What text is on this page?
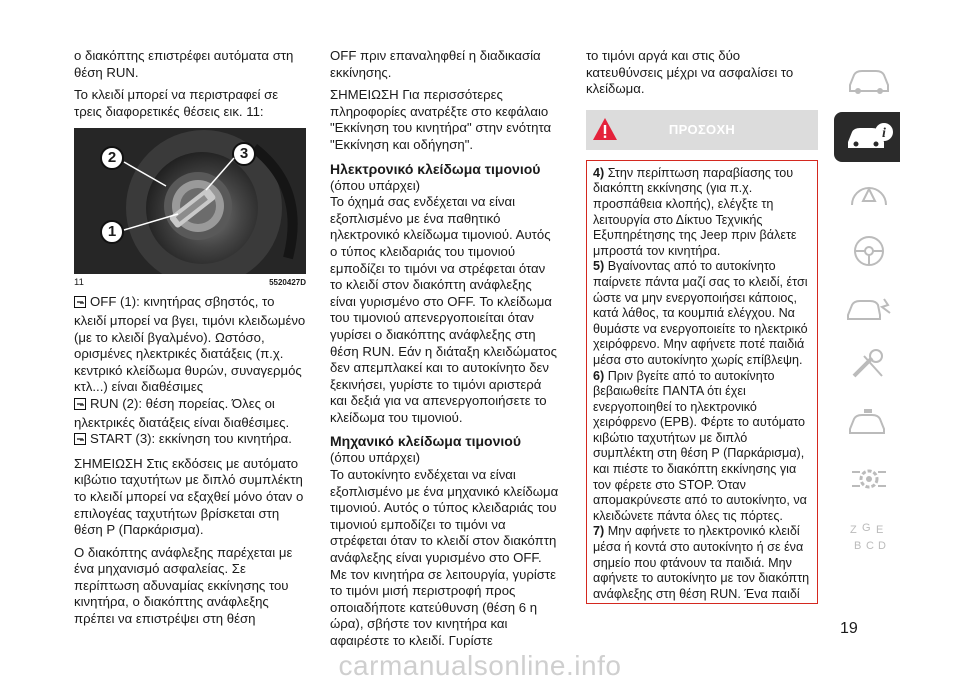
ο διακόπτης επιστρέφει αυτόματα στη θέση RUN.

Το κλειδί μπορεί να περιστραφεί σε τρεις διαφορετικές θέσεις εικ. 11:

2	3
1
11	5520427D

OFF (1): κινητήρας σβηστός, το κλειδί μπορεί να βγει, τιμόνι κλειδωμένο (με το κλειδί βγαλμένο). Ωστόσο, ορισμένες ηλεκτρικές διατάξεις (π.χ. κεντρικό κλείδωμα θυρών, συναγερμός κτλ...) είναι διαθέσιμες
RUN (2): θέση πορείας. Όλες οι ηλεκτρικές διατάξεις είναι διαθέσιμες.
START (3): εκκίνηση του κινητήρα.

ΣΗΜΕΙΩΣΗ Στις εκδόσεις με αυτόματο κιβώτιο ταχυτήτων με διπλό συμπλέκτη το κλειδί μπορεί να εξαχθεί μόνο όταν ο επιλογέας ταχυτήτων βρίσκεται στη θέση P (Παρκάρισμα).

Ο διακόπτης ανάφλεξης παρέχεται με ένα μηχανισμό ασφαλείας. Σε περίπτωση αδυναμίας εκκίνησης του κινητήρα, ο διακόπτης ανάφλεξης πρέπει να επιστρέψει στη θέση

OFF πριν επαναληφθεί η διαδικασία εκκίνησης.

ΣΗΜΕΙΩΣΗ Για περισσότερες πληροφορίες ανατρέξτε στο κεφάλαιο "Εκκίνηση του κινητήρα" στην ενότητα "Εκκίνηση και οδήγηση".

Ηλεκτρονικό κλείδωμα τιμονιού

(όπου υπάρχει)

Το όχημά σας ενδέχεται να είναι εξοπλισμένο με ένα παθητικό ηλεκτρονικό κλείδωμα τιμονιού. Αυτός ο τύπος κλειδαριάς του τιμονιού εμποδίζει το τιμόνι να στρέφεται όταν το κλειδί στον διακόπτη ανάφλεξης είναι γυρισμένο στο OFF. Το κλείδωμα του τιμονιού απενεργοποιείται όταν γυρίσει ο διακόπτης ανάφλεξης στη θέση RUN. Εάν η διάταξη κλειδώματος δεν απεμπλακεί και το αυτοκίνητο δεν ξεκινήσει, γυρίστε το τιμόνι αριστερά και δεξιά για να απενεργοποιήσετε το κλείδωμα του τιμονιού.

Μηχανικό κλείδωμα τιμονιού

(όπου υπάρχει)

Το αυτοκίνητο ενδέχεται να είναι εξοπλισμένο με ένα μηχανικό κλείδωμα τιμονιού. Αυτός ο τύπος κλειδαριάς του τιμονιού εμποδίζει το τιμόνι να στρέφεται όταν το κλειδί στον διακόπτη ανάφλεξης είναι γυρισμένο στο OFF. Με τον κινητήρα σε λειτουργία, γυρίστε το τιμόνι μισή περιστροφή προς οποιαδήποτε κατεύθυνση (θέση 6 η ώρα), σβήστε τον κινητήρα και αφαιρέστε το κλειδί. Γυρίστε

το τιμόνι αργά και στις δύο κατευθύνσεις μέχρι να ασφαλίσει το κλείδωμα.

ΠΡΟΣΟΧΗ

4) Στην περίπτωση παραβίασης του διακόπτη εκκίνησης (για π.χ. προσπάθεια κλοπής), ελέγξτε τη λειτουργία στο Δίκτυο Τεχνικής Εξυπηρέτησης της Jeep πριν βάλετε μπροστά τον κινητήρα.

5) Βγαίνοντας από το αυτοκίνητο παίρνετε πάντα μαζί σας το κλειδί, έτσι ώστε να μην ενεργοποιήσει κάποιος, κατά λάθος, τα κουμπιά ελέγχου. Να θυμάστε να ενεργοποιείτε το ηλεκτρικό χειρόφρενο. Μην αφήνετε ποτέ παιδιά μέσα στο αυτοκίνητο χωρίς επίβλεψη.

6) Πριν βγείτε από το αυτοκίνητο βεβαιωθείτε ΠΑΝΤΑ ότι έχει ενεργοποιηθεί το ηλεκτρονικό χειρόφρενο (EPB). Φέρτε το αυτόματο κιβώτιο ταχυτήτων με διπλό συμπλέκτη στη θέση P (Παρκάρισμα), και πιέστε το διακόπτη εκκίνησης για τον φέρετε στο STOP. Όταν απομακρύνεστε από το αυτοκίνητο, να κλειδώνετε πάντα όλες τις πόρτες.

7) Μην αφήνετε το ηλεκτρονικό κλειδί μέσα ή κοντά στο αυτοκίνητο ή σε ένα σημείο που φτάνουν τα παιδιά. Μην αφήνετε το αυτοκίνητο με τον διακόπτη ανάφλεξης στη θέση RUN. Ένα παιδί

i
Z G E
B C D
19
carmanualsonline.info
